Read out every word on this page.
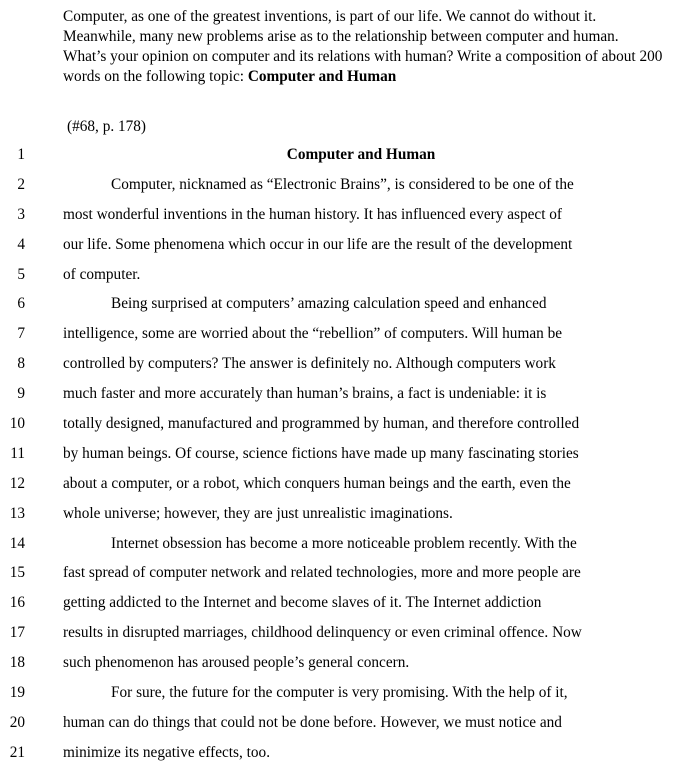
Computer, as one of the greatest inventions, is part of our life. We cannot do without it. Meanwhile, many new problems arise as to the relationship between computer and human. What’s your opinion on computer and its relations with human? Write a composition of about 200 words on the following topic: Computer and Human

(#68, p. 178)

1	Computer and Human
2	Computer, nicknamed as “Electronic Brains”, is considered to be one of the
3 most wonderful inventions in the human history. It has influenced every aspect of
4 our life. Some phenomena which occur in our life are the result of the development
5 of computer.
6	Being surprised at computers’ amazing calculation speed and enhanced
7 intelligence, some are worried about the “rebellion” of computers. Will human be
8 controlled by computers? The answer is definitely no. Although computers work
9 much faster and more accurately than human’s brains, a fact is undeniable: it is
10 totally designed, manufactured and programmed by human, and therefore controlled
11 by human beings. Of course, science fictions have made up many fascinating stories
12 about a computer, or a robot, which conquers human beings and the earth, even the
13 whole universe; however, they are just unrealistic imaginations.
14	Internet obsession has become a more noticeable problem recently. With the
15 fast spread of computer network and related technologies, more and more people are
16 getting addicted to the Internet and become slaves of it. The Internet addiction
17 results in disrupted marriages, childhood delinquency or even criminal offence. Now
18 such phenomenon has aroused people’s general concern.
19	For sure, the future for the computer is very promising. With the help of it,
20 human can do things that could not be done before. However, we must notice and
21 minimize its negative effects, too.
